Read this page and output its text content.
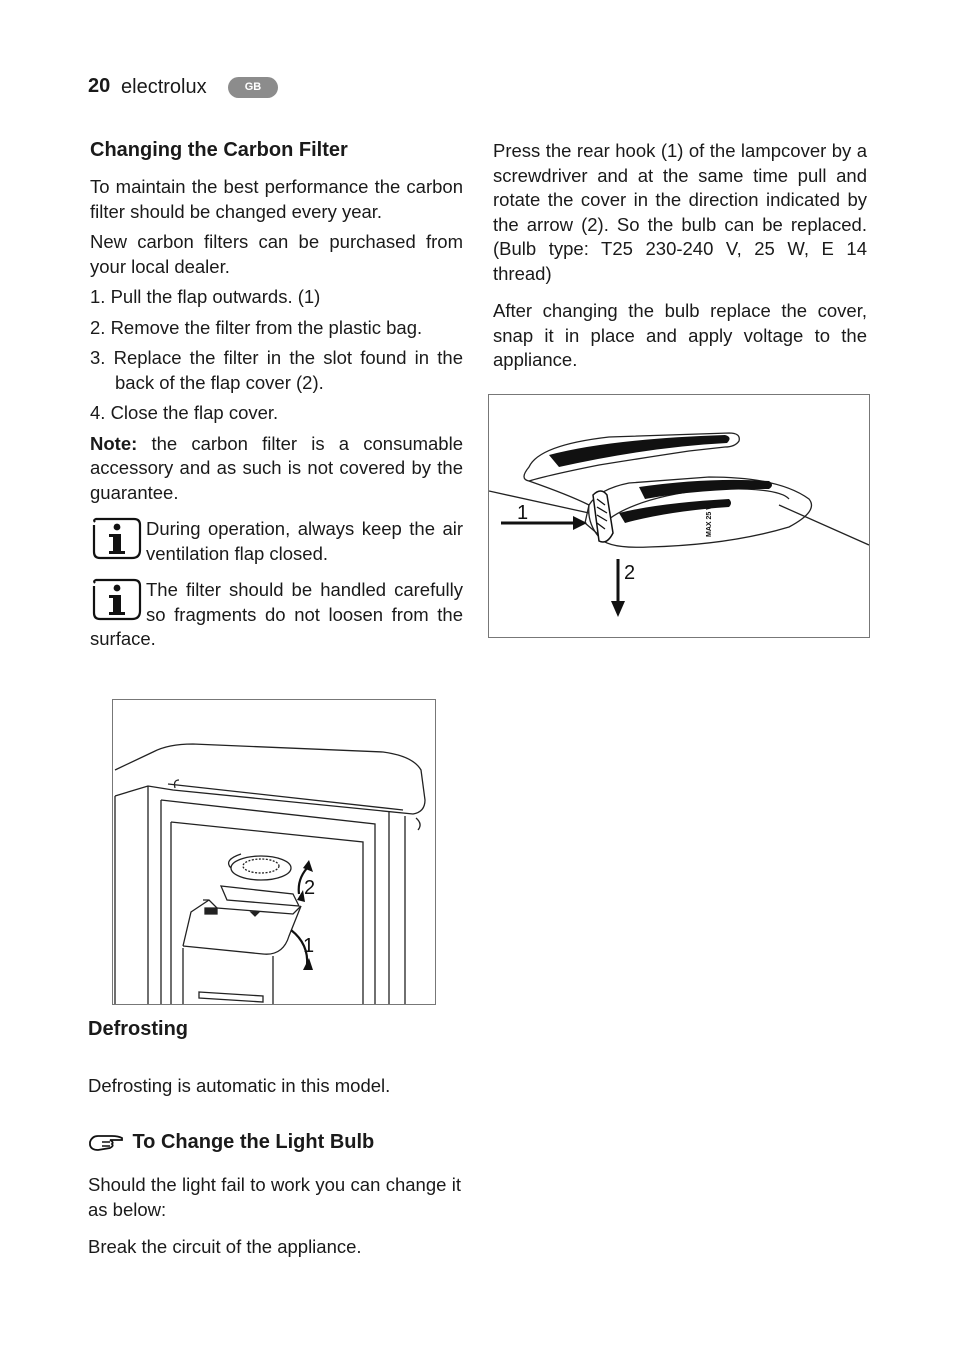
20 electrolux	GB
Changing the Carbon Filter

To maintain the best performance the carbon filter should be changed every year.

New carbon filters can be purchased from your local dealer.

1. Pull the flap outwards. (1)
2. Remove the filter from the plastic bag.
3. Replace the filter in the slot found in the back of the flap cover (2).
4. Close the flap cover.

Note: the carbon filter is a consumable accessory and as such is not covered by the guarantee.

During operation, always keep the air ventilation flap closed.
The filter should be handled carefully so fragments do not loosen from the surface.
2
1
Defrosting

Defrosting is automatic in this model.

To Change the Light Bulb

Should the light fail to work you can change it as below:

Break the circuit of the appliance.

Press the rear hook (1) of the lampcover by a screwdriver and at the same time pull and rotate the cover in the direction indicated by the arrow (2). So the bulb can be replaced. (Bulb type: T25 230-240 V, 25 W, E 14 thread)

After changing the bulb replace the cover, snap it in place and apply voltage to the appliance.

MAX 25 W
1
2
